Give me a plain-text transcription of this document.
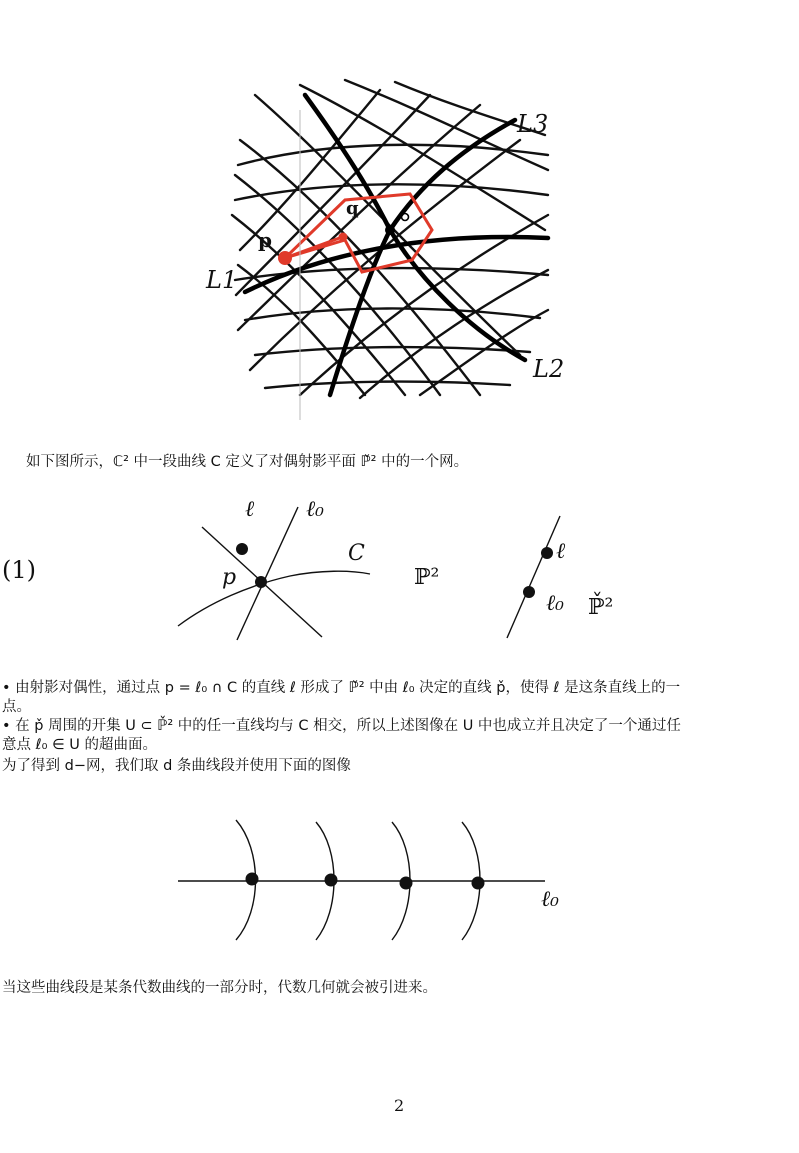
L3
L1
L2
p
q
如下图所示，ℂ² 中一段曲线 C 定义了对偶射影平面 ℙ̌² 中的一个网。
(1)
ℓ ℓ₀
C
p	ℙ²
ℓ
ℓ₀ ℙ̌²
• 由射影对偶性，通过点 p = ℓ₀ ∩ C 的直线 ℓ 形成了 ℙ̌² 中由 ℓ₀ 决定的直线 p̌，使得 ℓ 是这条直线上的一
点。
• 在 p̌ 周围的开集 U ⊂ ℙ̌² 中的任一直线均与 C 相交，所以上述图像在 U 中也成立并且决定了一个通过任
意点 ℓ₀ ∈ U 的超曲面。
为了得到 d−网，我们取 d 条曲线段并使用下面的图像
ℓ₀
当这些曲线段是某条代数曲线的一部分时，代数几何就会被引进来。
2
